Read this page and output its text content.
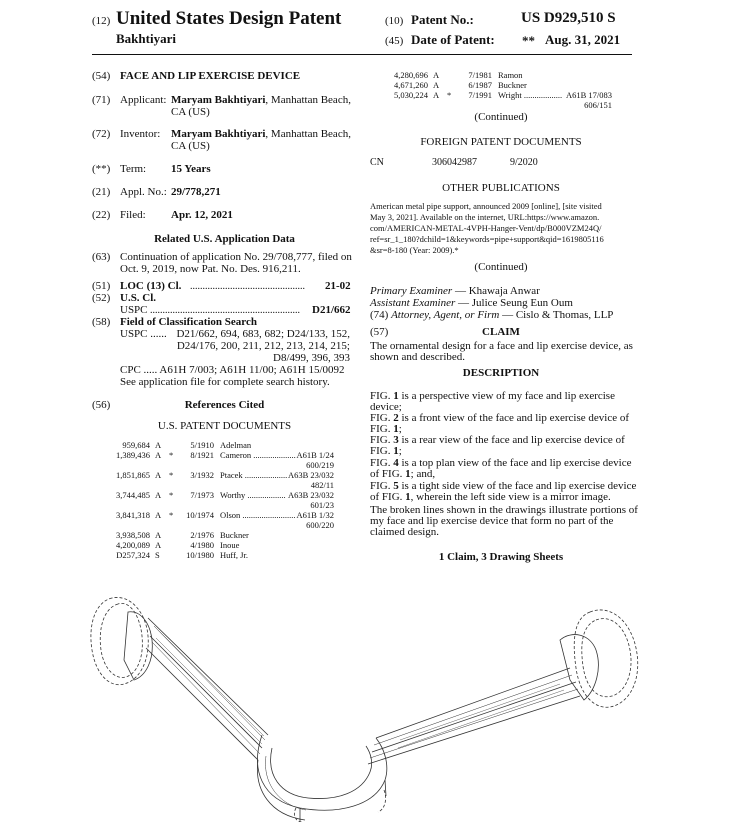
(12) United States Design Patent
Bakhtiyari
(10) Patent No.:	US D929,510 S
(45) Date of Patent: ** Aug. 31, 2021
(54) FACE AND LIP EXERCISE DEVICE
(71) Applicant: Maryam Bakhtiyari, Manhattan Beach,
CA (US)
(72) Inventor: Maryam Bakhtiyari, Manhattan Beach,
CA (US)
(**) Term: 15 Years
(21) Appl. No.: 29/778,271
(22) Filed: Apr. 12, 2021
Related U.S. Application Data
(63) Continuation of application No. 29/708,777, filed on
Oct. 9, 2019, now Pat. No. Des. 916,211.
(51) LOC (13) Cl. .............................................. 21-02
(52) U.S. Cl.
USPC ............................................................ D21/662
(58) Field of Classification Search
USPC ...... D21/662, 694, 683, 682; D24/133, 152,
D24/176, 200, 211, 212, 213, 214, 215;
D8/499, 396, 393
CPC ..... A61H 7/003; A61H 11/00; A61H 15/0092
See application file for complete search history.
(56)	References Cited
U.S. PATENT DOCUMENTS
959,684 A	5/1910 Adelman
1,389,436 A *	8/1921 Cameron .................... A61B 1/24
600/219
1,851,865 A *	3/1932 Ptacek .................... A63B 23/032
482/11
3,744,485 A *	7/1973 Worthy .................. A63B 23/032
601/23
3,841,318 A *	10/1974 Olson ......................... A61B 1/32
600/220
3,938,508 A	2/1976 Buckner
4,200,089 A	4/1980 Inoue
D257,324 S	10/1980 Huff, Jr.
4,280,696 A	7/1981 Ramon
4,671,260 A	6/1987 Buckner
5,030,224 A *	7/1991 Wright .................. A61B 17/083
606/151
(Continued)
FOREIGN PATENT DOCUMENTS
CN	306042987	9/2020
OTHER PUBLICATIONS
American metal pipe support, announced 2009 [online], [site visited
May 3, 2021]. Available on the internet, URL:https://www.amazon.
com/AMERICAN-METAL-4VPH-Hanger-Vent/dp/B000VZM24Q/
ref=sr_1_180?dchild=1&keywords=pipe+support&qid=1619805116
&sr=8-180 (Year: 2009).*
(Continued)
Primary Examiner — Khawaja Anwar
Assistant Examiner — Julice Seung Eun Oum
(74) Attorney, Agent, or Firm — Cislo & Thomas, LLP
(57)	CLAIM
The ornamental design for a face and lip exercise device, as
shown and described.
DESCRIPTION
FIG. 1 is a perspective view of my face and lip exercise
device;
FIG. 2 is a front view of the face and lip exercise device of
FIG. 1;
FIG. 3 is a rear view of the face and lip exercise device of
FIG. 1;
FIG. 4 is a top plan view of the face and lip exercise device
of FIG. 1; and,
FIG. 5 is a tight side view of the face and lip exercise device
of FIG. 1, wherein the left side view is a mirror image.
The broken lines shown in the drawings illustrate portions of
my face and lip exercise device that form no part of the
claimed design.
1 Claim, 3 Drawing Sheets
